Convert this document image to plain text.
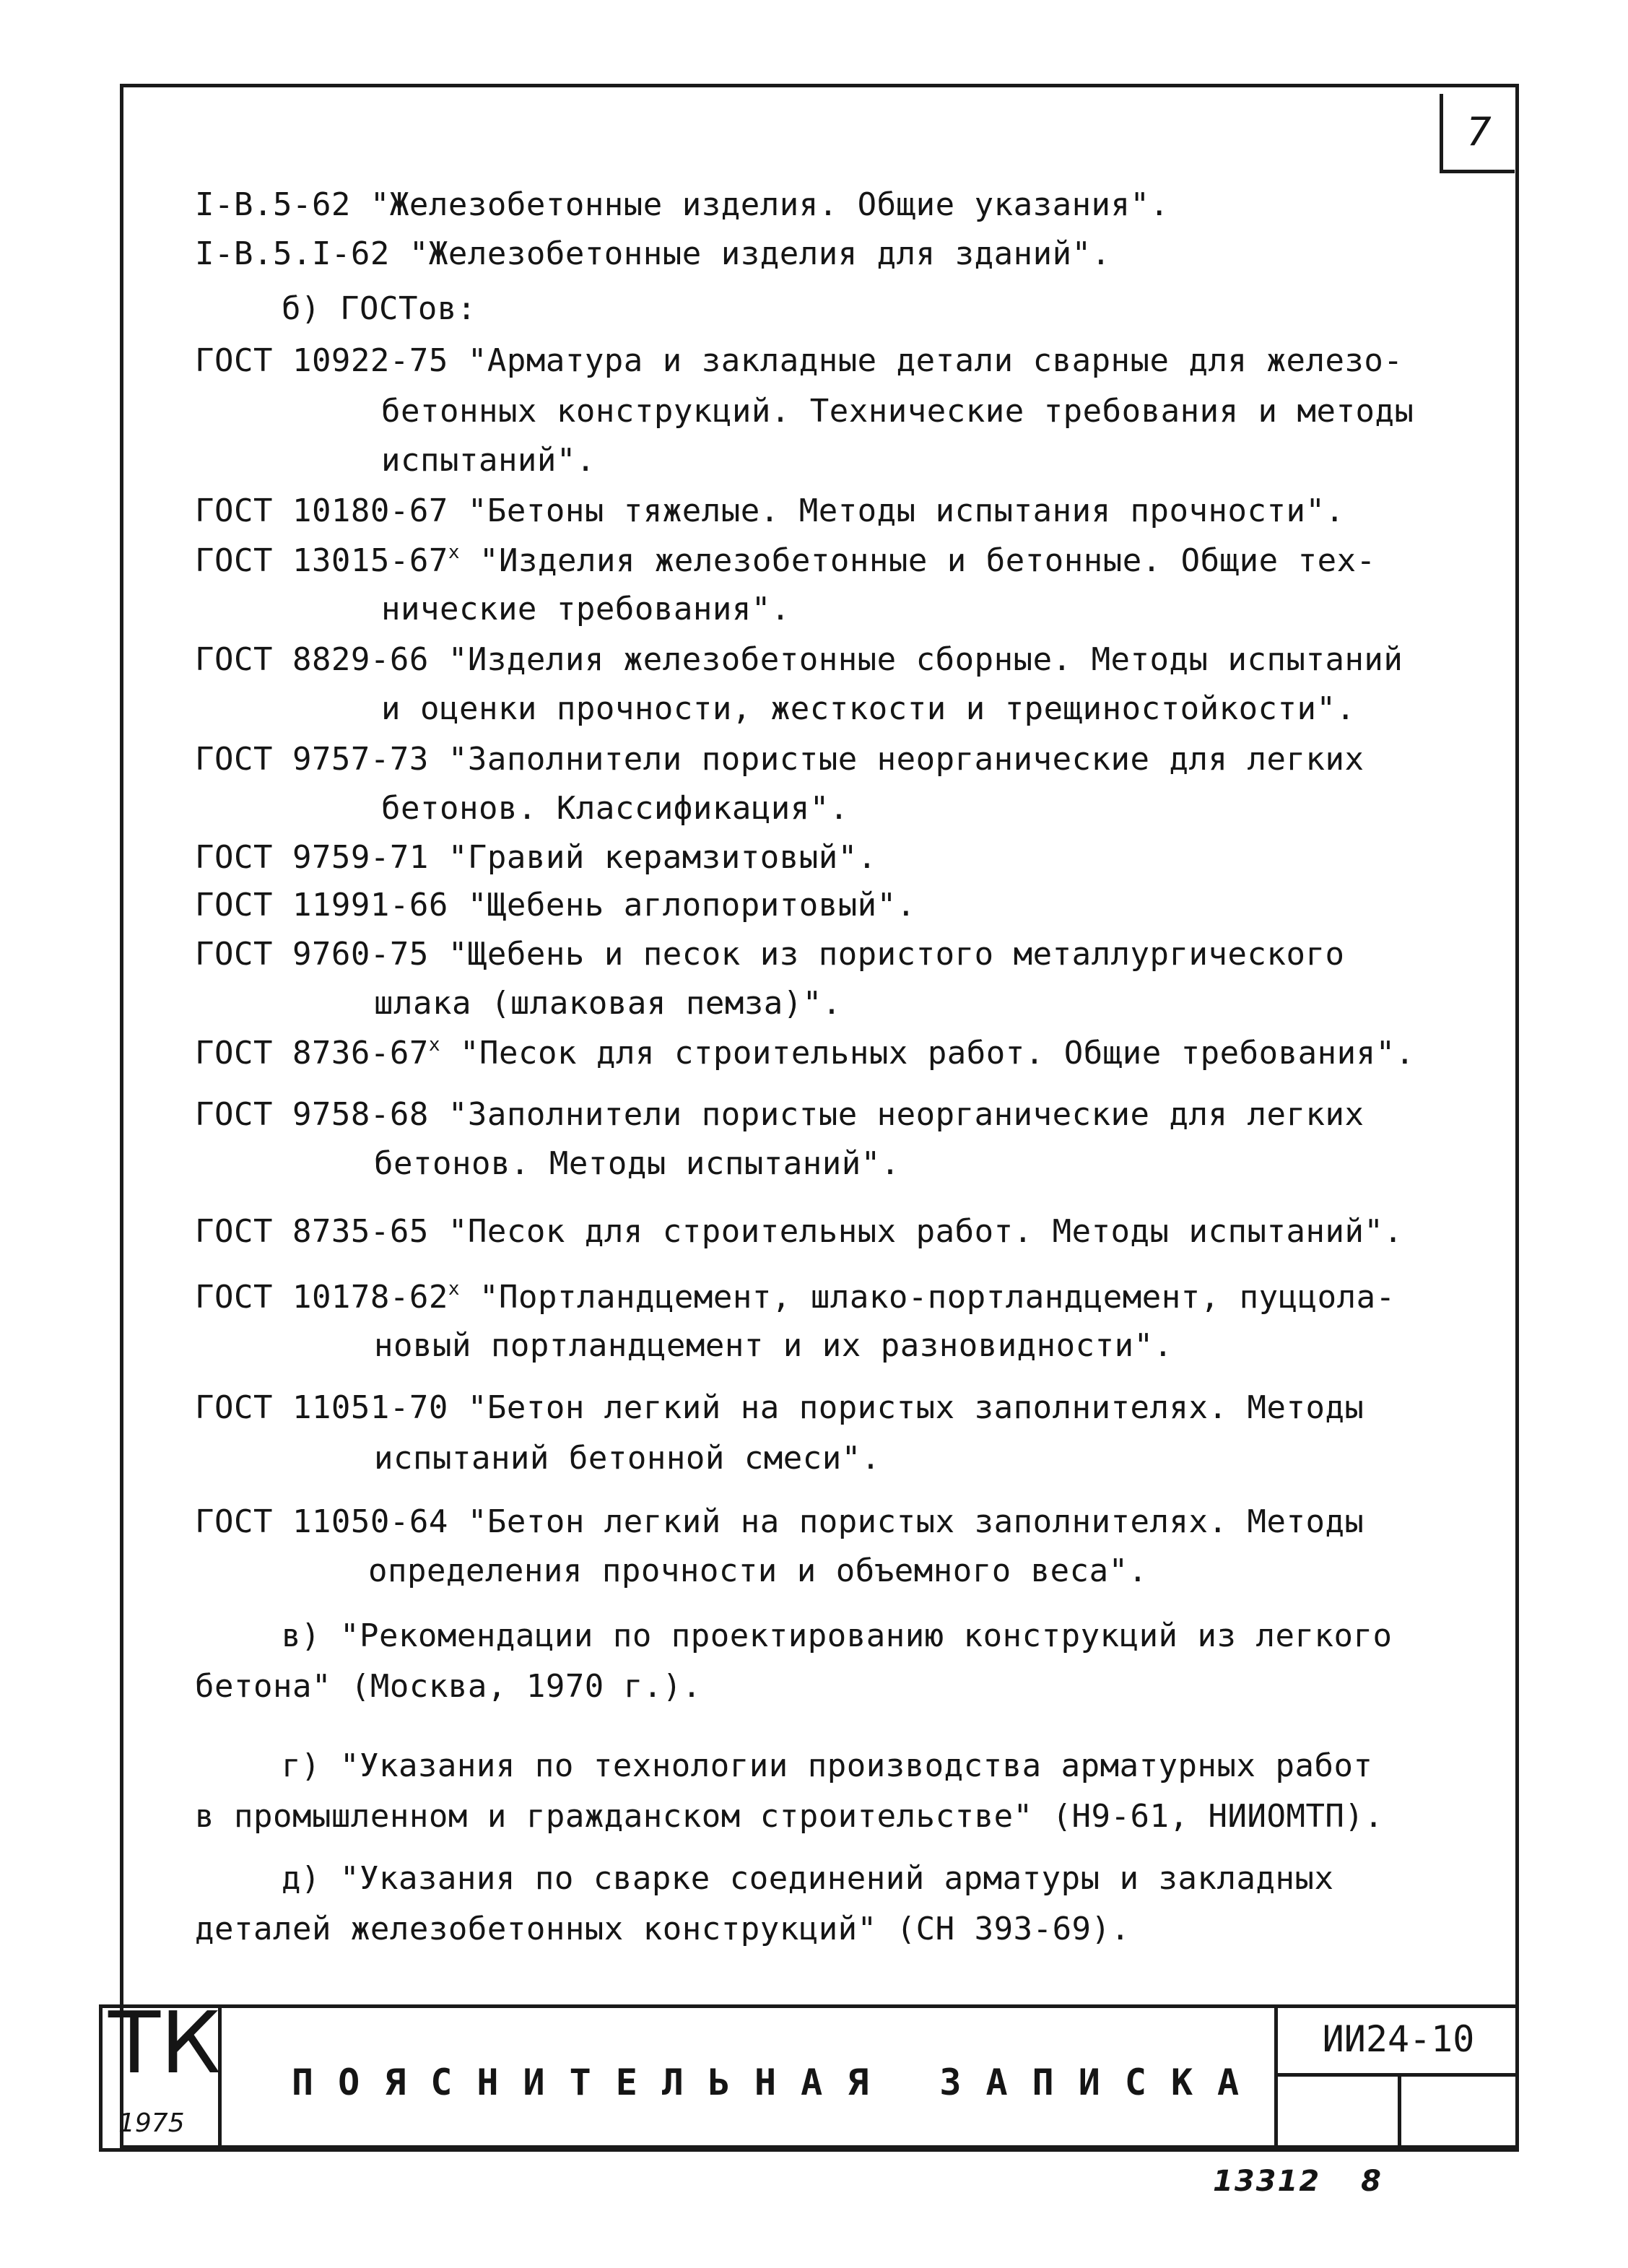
7
I-B.5-62 "Железобетонные изделия. Общие указания".
I-B.5.I-62 "Железобетонные изделия для зданий".
б) ГОСТов:
ГОСТ 10922-75 "Арматура и закладные детали сварные для железо-
бетонных конструкций. Технические требования и методы
испытаний".
ГОСТ 10180-67 "Бетоны тяжелые. Методы испытания прочности".
ГОСТ 13015-67$^x$ "Изделия железобетонные и бетонные. Общие тех-
нические требования".
ГОСТ 8829-66 "Изделия железобетонные сборные. Методы испытаний
и оценки прочности, жесткости и трещиностойкости".
ГОСТ 9757-73 "Заполнители пористые неорганические для легких
бетонов. Классификация".
ГОСТ 9759-71 "Гравий керамзитовый".
ГОСТ 11991-66 "Щебень аглопоритовый".
ГОСТ 9760-75 "Щебень и песок из пористого металлургического
шлака (шлаковая пемза)".
ГОСТ 8736-67$^x$ "Песок для строительных работ. Общие требования".
ГОСТ 9758-68 "Заполнители пористые неорганические для легких
бетонов. Методы испытаний".
ГОСТ 8735-65 "Песок для строительных работ. Методы испытаний".
ГОСТ 10178-62$^x$ "Портландцемент, шлако-портландцемент, пуццола-
новый портландцемент и их разновидности".
ГОСТ 11051-70 "Бетон легкий на пористых заполнителях. Методы
испытаний бетонной смеси".
ГОСТ 11050-64 "Бетон легкий на пористых заполнителях. Методы
определения прочности и объемного веса".
в) "Рекомендации по проектированию конструкций из легкого
бетона" (Москва, 1970 г.).
г) "Указания по технологии производства арматурных работ
в промышленном и гражданском строительстве" (Н9-61, НИИОМТП).
д) "Указания по сварке соединений арматуры и закладных
деталей железобетонных конструкций" (СН 393-69).
ТК
1975
ПОЯСНИТЕЛЬНАЯ ЗАПИСКА
ИИ24-10
13312 8
